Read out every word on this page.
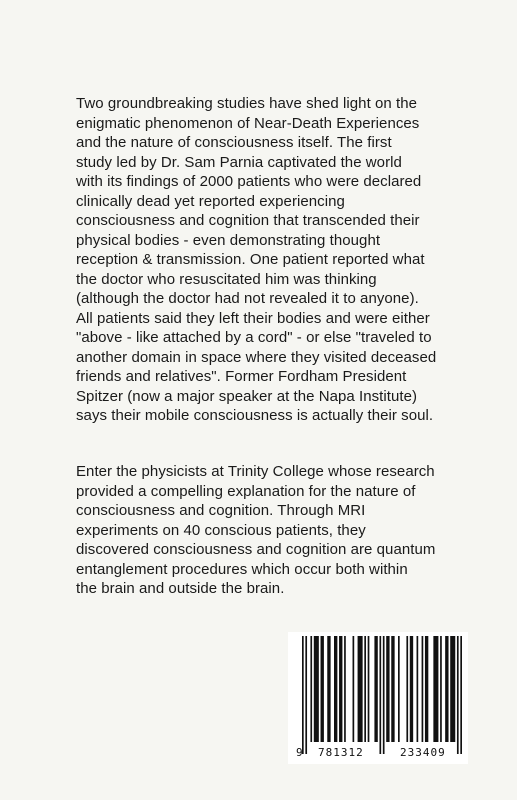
Two groundbreaking studies have shed light on the
enigmatic phenomenon of Near-Death Experiences
and the nature of consciousness itself. The first
study led by Dr. Sam Parnia captivated the world
with its findings of 2000 patients who were declared
clinically dead yet reported experiencing
consciousness and cognition that transcended their
physical bodies - even demonstrating thought
reception & transmission. One patient reported what
the doctor who resuscitated him was thinking
(although the doctor had not revealed it to anyone).
All patients said they left their bodies and were either
"above - like attached by a cord" - or else "traveled to
another domain in space where they visited deceased
friends and relatives". Former Fordham President
Spitzer (now a major speaker at the Napa Institute)
says their mobile consciousness is actually their soul.
Enter the physicists at Trinity College whose research
provided a compelling explanation for the nature of
consciousness and cognition. Through MRI
experiments on 40 conscious patients, they
discovered consciousness and cognition are quantum
entanglement procedures which occur both within
the brain and outside the brain.
9 781312	233409
